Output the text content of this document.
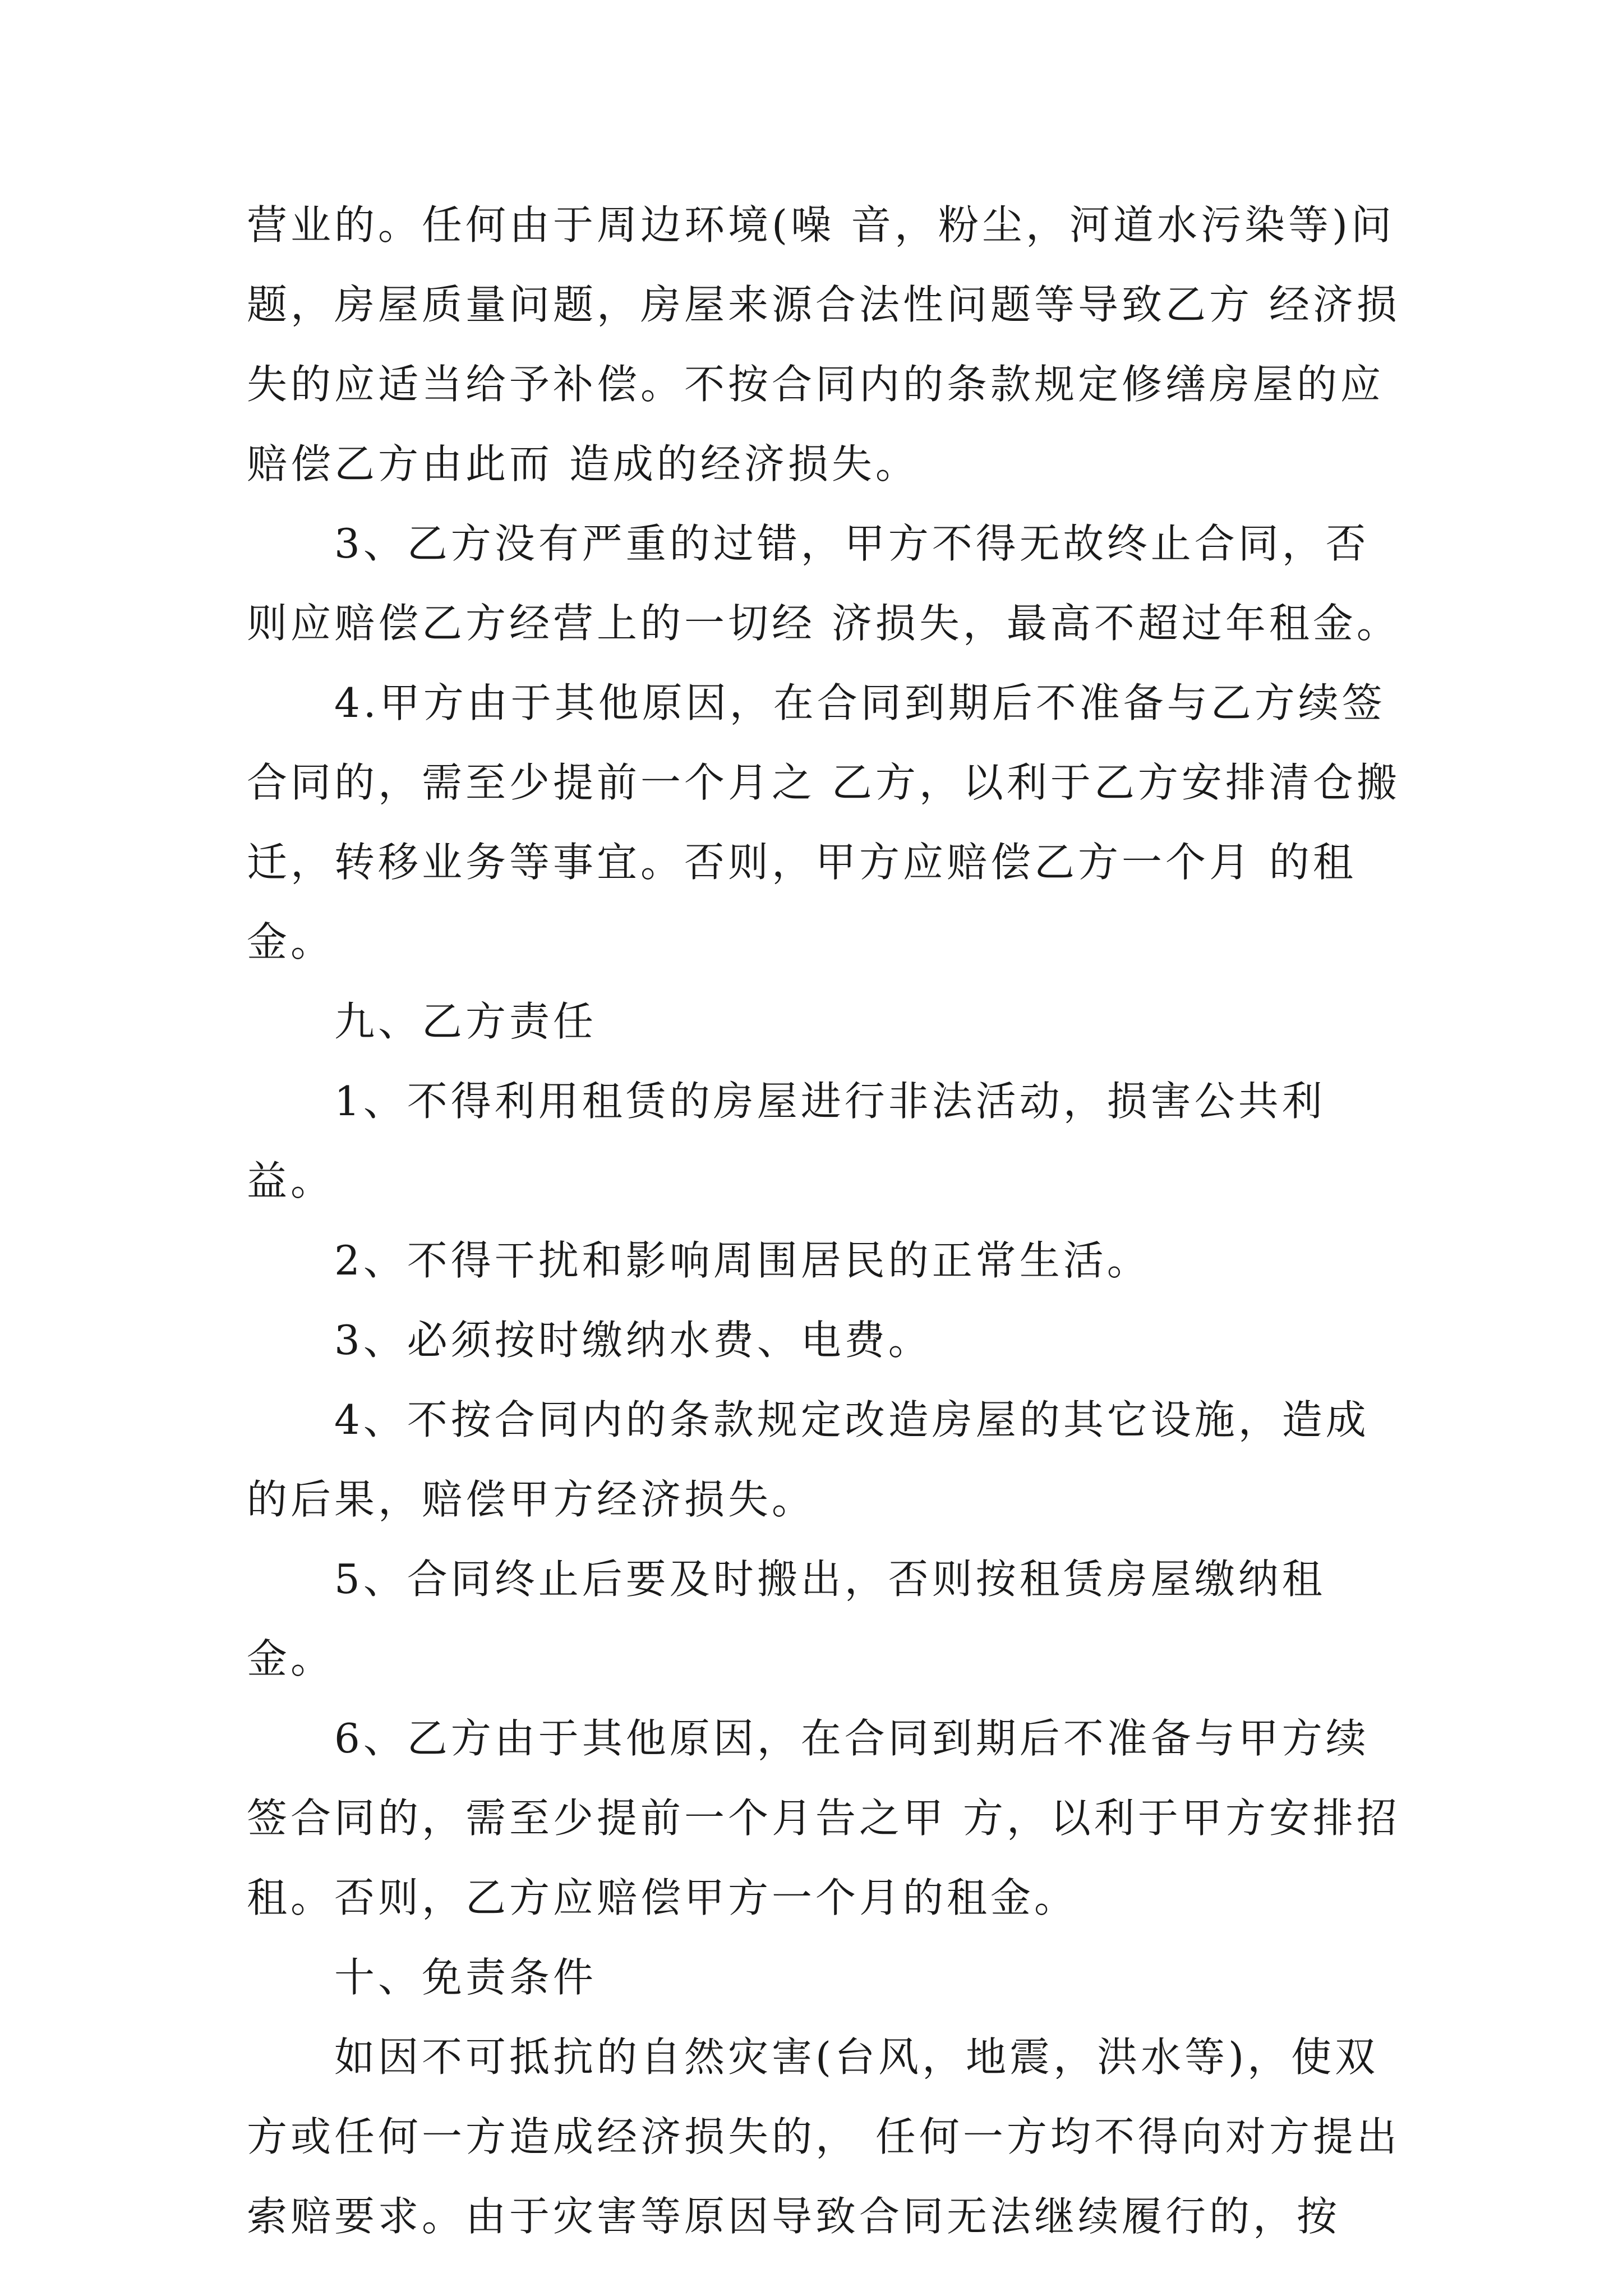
营业的。任何由于周边环境(噪 音，粉尘，河道水污染等)问题，房屋质量问题，房屋来源合法性问题等导致乙方 经济损失的应适当给予补偿。不按合同内的条款规定修缮房屋的应赔偿乙方由此而 造成的经济损失。

3、乙方没有严重的过错，甲方不得无故终止合同，否则应赔偿乙方经营上的一切经 济损失，最高不超过年租金。

4.甲方由于其他原因，在合同到期后不准备与乙方续签合同的，需至少提前一个月之 乙方，以利于乙方安排清仓搬迁，转移业务等事宜。否则，甲方应赔偿乙方一个月 的租金。

九、乙方责任

1、不得利用租赁的房屋进行非法活动，损害公共利益。

2、不得干扰和影响周围居民的正常生活。

3、必须按时缴纳水费、电费。

4、不按合同内的条款规定改造房屋的其它设施，造成的后果，赔偿甲方经济损失。

5、合同终止后要及时搬出，否则按租赁房屋缴纳租金。

6、乙方由于其他原因，在合同到期后不准备与甲方续签合同的，需至少提前一个月告之甲 方，以利于甲方安排招租。否则，乙方应赔偿甲方一个月的租金。

十、免责条件

如因不可抵抗的自然灾害(台风，地震，洪水等)，使双方或任何一方造成经济损失的， 任何一方均不得向对方提出索赔要求。由于灾害等原因导致合同无法继续履行的，按
